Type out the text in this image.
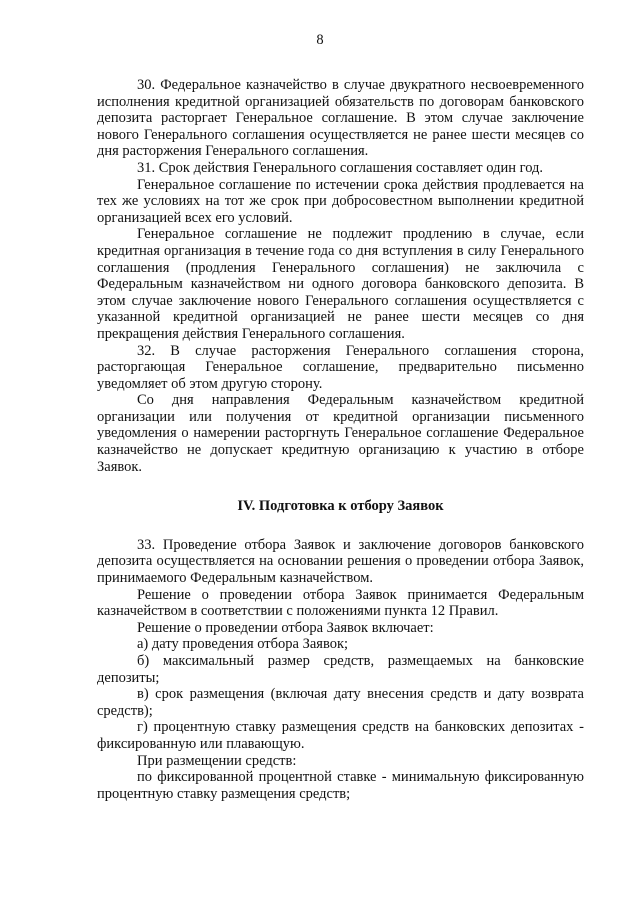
8

30. Федеральное казначейство в случае двукратного несвоевременного исполнения кредитной организацией обязательств по договорам банковского депозита расторгает Генеральное соглашение. В этом случае заключение нового Генерального соглашения осуществляется не ранее шести месяцев со дня расторжения Генерального соглашения.

31. Срок действия Генерального соглашения составляет один год.

Генеральное соглашение по истечении срока действия продлевается на тех же условиях на тот же срок при добросовестном выполнении кредитной организацией всех его условий.

Генеральное соглашение не подлежит продлению в случае, если кредитная организация в течение года со дня вступления в силу Генерального соглашения (продления Генерального соглашения) не заключила с Федеральным казначейством ни одного договора банковского депозита. В этом случае заключение нового Генерального соглашения осуществляется с указанной кредитной организацией не ранее шести месяцев со дня прекращения действия Генерального соглашения.

32. В случае расторжения Генерального соглашения сторона, расторгающая Генеральное соглашение, предварительно письменно уведомляет об этом другую сторону.

Со дня направления Федеральным казначейством кредитной организации или получения от кредитной организации письменного уведомления о намерении расторгнуть Генеральное соглашение Федеральное казначейство не допускает кредитную организацию к участию в отборе Заявок.

IV. Подготовка к отбору Заявок

33. Проведение отбора Заявок и заключение договоров банковского депозита осуществляется на основании решения о проведении отбора Заявок, принимаемого Федеральным казначейством.

Решение о проведении отбора Заявок принимается Федеральным казначейством в соответствии с положениями пункта 12 Правил.

Решение о проведении отбора Заявок включает:

а) дату проведения отбора Заявок;

б) максимальный размер средств, размещаемых на банковские депозиты;

в) срок размещения (включая дату внесения средств и дату возврата средств);

г) процентную ставку размещения средств на банковских депозитах - фиксированную или плавающую.

При размещении средств:

по фиксированной процентной ставке - минимальную фиксированную процентную ставку размещения средств;
